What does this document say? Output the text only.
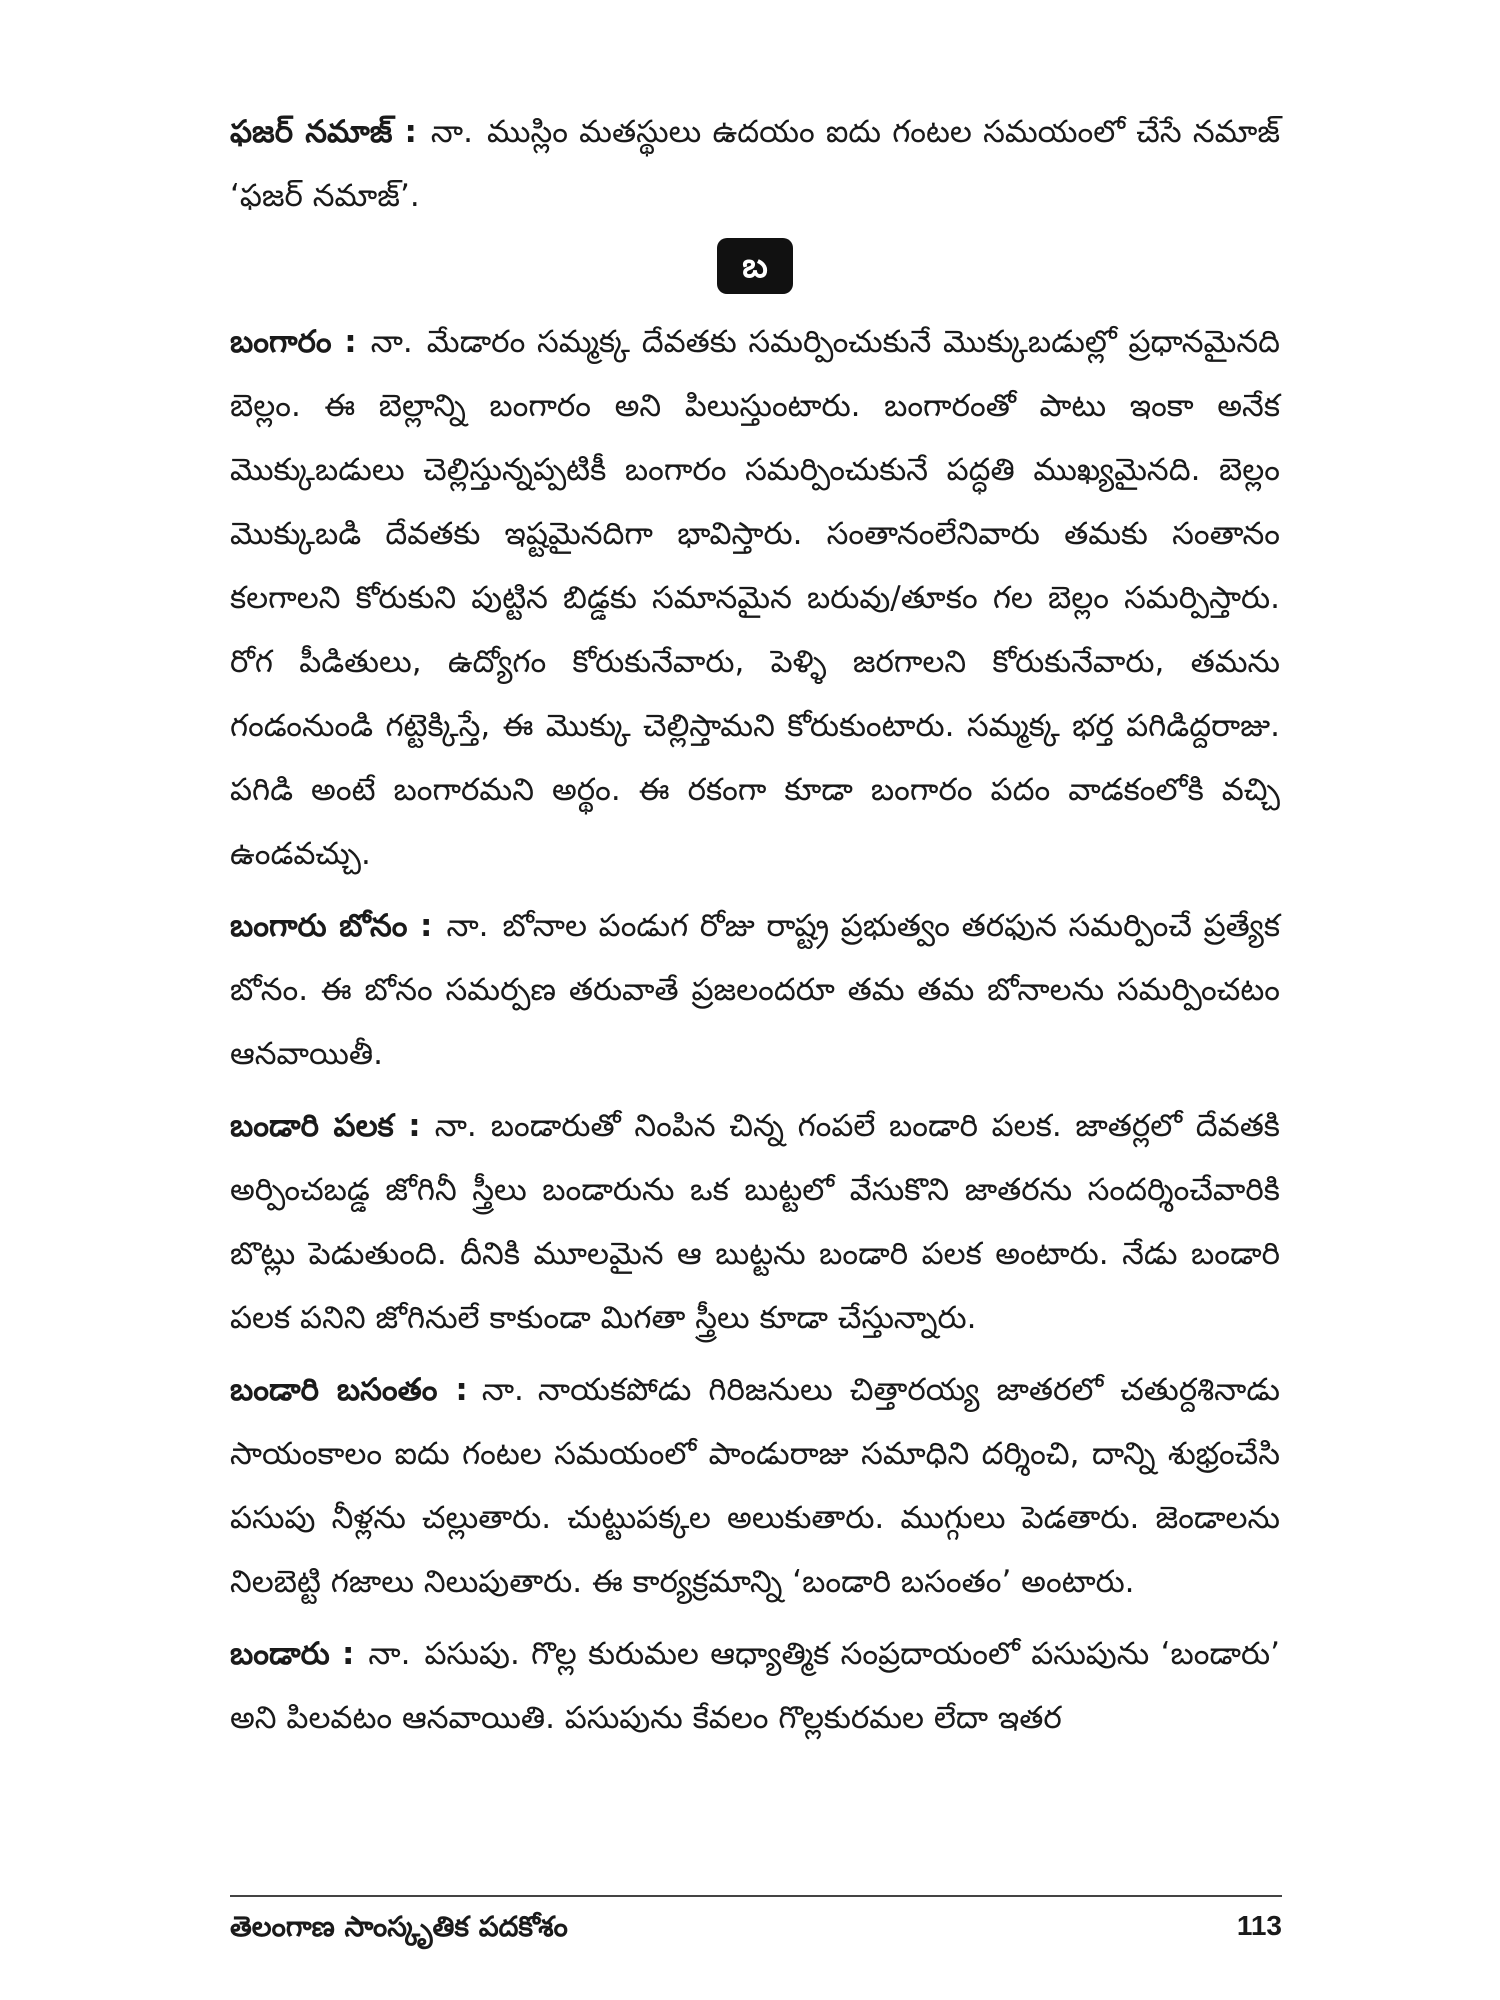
ఫజర్ నమాజ్ : నా. ముస్లిం మతస్థులు ఉదయం ఐదు గంటల సమయంలో చేసే నమాజ్ ‘ఫజర్ నమాజ్’.

బ

బంగారం : నా. మేడారం సమ్మక్క దేవతకు సమర్పించుకునే మొక్కుబడుల్లో ప్రధానమైనది బెల్లం. ఈ బెల్లాన్ని బంగారం అని పిలుస్తుంటారు. బంగారంతో పాటు ఇంకా అనేక మొక్కుబడులు చెల్లిస్తున్నప్పటికీ బంగారం సమర్పించుకునే పద్ధతి ముఖ్యమైనది. బెల్లం మొక్కుబడి దేవతకు ఇష్టమైనదిగా భావిస్తారు. సంతానంలేనివారు తమకు సంతానం కలగాలని కోరుకుని పుట్టిన బిడ్డకు సమానమైన బరువు/తూకం గల బెల్లం సమర్పిస్తారు. రోగ పీడితులు, ఉద్యోగం కోరుకునేవారు, పెళ్ళి జరగాలని కోరుకునేవారు, తమను గండంనుండి గట్టెక్కిస్తే, ఈ మొక్కు చెల్లిస్తామని కోరుకుంటారు. సమ్మక్క భర్త పగిడిద్దరాజు. పగిడి అంటే బంగారమని అర్థం. ఈ రకంగా కూడా బంగారం పదం వాడకంలోకి వచ్చి ఉండవచ్చు.

బంగారు బోనం : నా. బోనాల పండుగ రోజు రాష్ట్ర ప్రభుత్వం తరఫున సమర్పించే ప్రత్యేక బోనం. ఈ బోనం సమర్పణ తరువాతే ప్రజలందరూ తమ తమ బోనాలను సమర్పించటం ఆనవాయితీ.

బండారి పలక : నా. బండారుతో నింపిన చిన్న గంపలే బండారి పలక. జాతర్లలో దేవతకి అర్పించబడ్డ జోగినీ స్త్రీలు బండారును ఒక బుట్టలో వేసుకొని జాతరను సందర్శించేవారికి బొట్లు పెడుతుంది. దీనికి మూలమైన ఆ బుట్టను బండారి పలక అంటారు. నేడు బండారి పలక పనిని జోగినులే కాకుండా మిగతా స్త్రీలు కూడా చేస్తున్నారు.

బండారి బసంతం : నా. నాయకపోడు గిరిజనులు చిత్తారయ్య జాతరలో చతుర్దశినాడు సాయంకాలం ఐదు గంటల సమయంలో పాండురాజు సమాధిని దర్శించి, దాన్ని శుభ్రంచేసి పసుపు నీళ్లను చల్లుతారు. చుట్టుపక్కల అలుకుతారు. ముగ్గులు పెడతారు. జెండాలను నిలబెట్టి గజాలు నిలుపుతారు. ఈ కార్యక్రమాన్ని ‘బండారి బసంతం’ అంటారు.

బండారు : నా. పసుపు. గొల్ల కురుమల ఆధ్యాత్మిక సంప్రదాయంలో పసుపును ‘బండారు’ అని పిలవటం ఆనవాయితి. పసుపును కేవలం గొల్లకురమల లేదా ఇతర

తెలంగాణ సాంస్కృతిక పదకోశం	113
